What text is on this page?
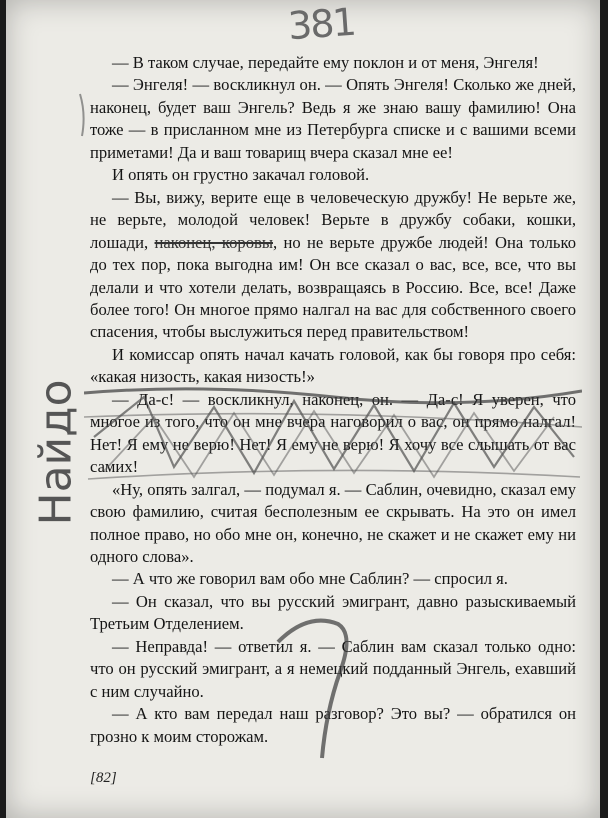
381
Найдо

— В таком случае, передайте ему поклон и от меня, Энгеля!

— Энгеля! — воскликнул он. — Опять Энгеля! Сколько же дней, наконец, будет ваш Энгель? Ведь я же знаю вашу фамилию! Она тоже — в присланном мне из Петербурга списке и с вашими всеми приметами! Да и ваш товарищ вчера сказал мне ее!

И опять он грустно закачал головой.

— Вы, вижу, верите еще в человеческую дружбу! Не верьте же, не верьте, молодой человек! Верьте в дружбу собаки, кошки, лошади, наконец, коровы, но не верьте дружбе людей! Она только до тех пор, пока выгодна им! Он все сказал о вас, все, все, что вы делали и что хотели делать, возвращаясь в Россию. Все, все! Даже более того! Он многое прямо налгал на вас для собственного своего спасения, чтобы выслужиться перед правительством!

И комиссар опять начал качать головой, как бы говоря про себя: «какая низость, какая низость!»

— Да-с! — воскликнул, наконец, он. — Да-с! Я уверен, что многое из того, что он мне вчера наговорил о вас, он прямо налгал! Нет! Я ему не верю! Нет! Я ему не верю! Я хочу все слышать от вас самих!

«Ну, опять залгал, — подумал я. — Саблин, очевидно, сказал ему свою фамилию, считая бесполезным ее скрывать. На это он имел полное право, но обо мне он, конечно, не скажет и не скажет ему ни одного слова».

— А что же говорил вам обо мне Саблин? — спросил я.

— Он сказал, что вы русский эмигрант, давно разыскиваемый Третьим Отделением.

— Неправда! — ответил я. — Саблин вам сказал только одно: что он русский эмигрант, а я немецкий подданный Энгель, ехавший с ним случайно.

— А кто вам передал наш разговор? Это вы? — обратился он грозно к моим сторожам.

[82]
